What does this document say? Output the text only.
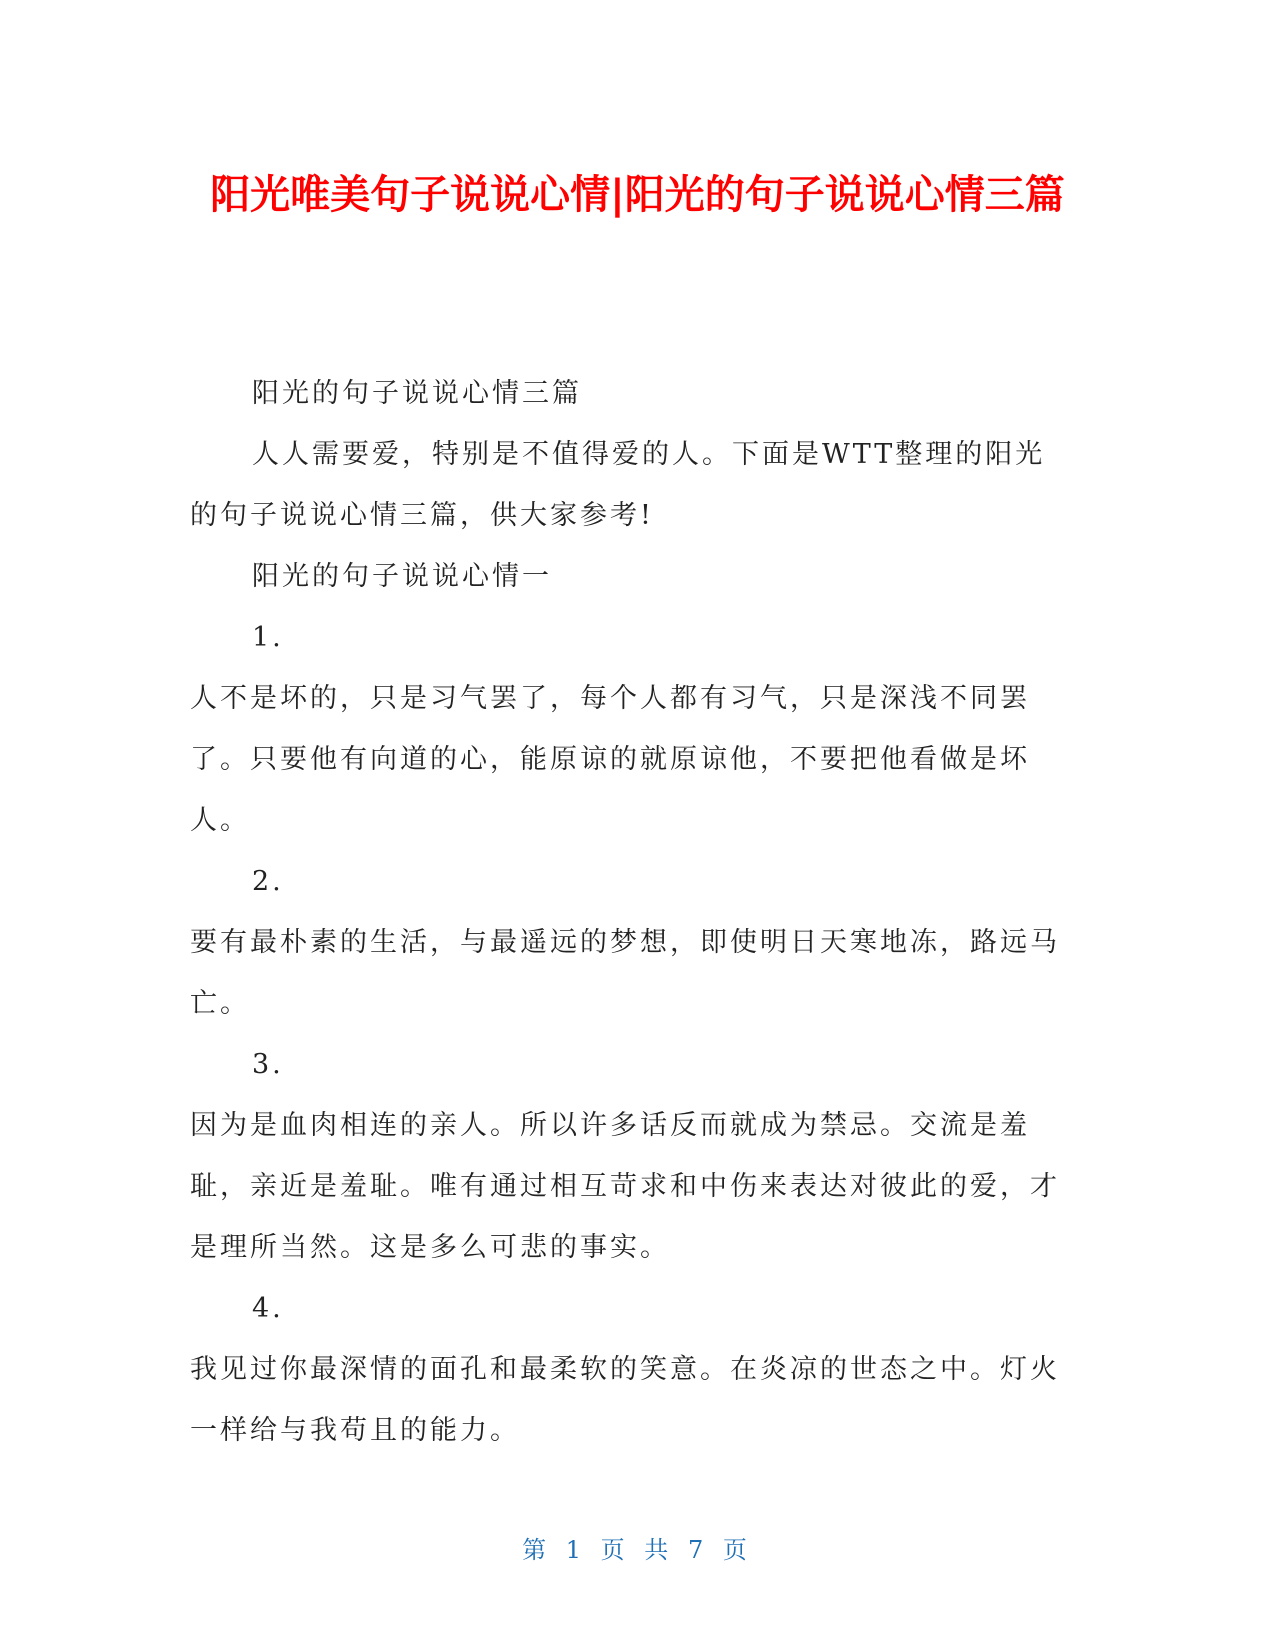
阳光唯美句子说说心情|阳光的句子说说心情三篇

阳光的句子说说心情三篇

人人需要爱，特别是不值得爱的人。下面是WTT整理的阳光的句子说说心情三篇，供大家参考!

阳光的句子说说心情一

1.

人不是坏的，只是习气罢了，每个人都有习气，只是深浅不同罢了。只要他有向道的心，能原谅的就原谅他，不要把他看做是坏人。

2.

要有最朴素的生活，与最遥远的梦想，即使明日天寒地冻，路远马亡。

3.

因为是血肉相连的亲人。所以许多话反而就成为禁忌。交流是羞耻，亲近是羞耻。唯有通过相互苛求和中伤来表达对彼此的爱，才是理所当然。这是多么可悲的事实。

4.

我见过你最深情的面孔和最柔软的笑意。在炎凉的世态之中。灯火一样给与我苟且的能力。

第 1 页 共 7 页
